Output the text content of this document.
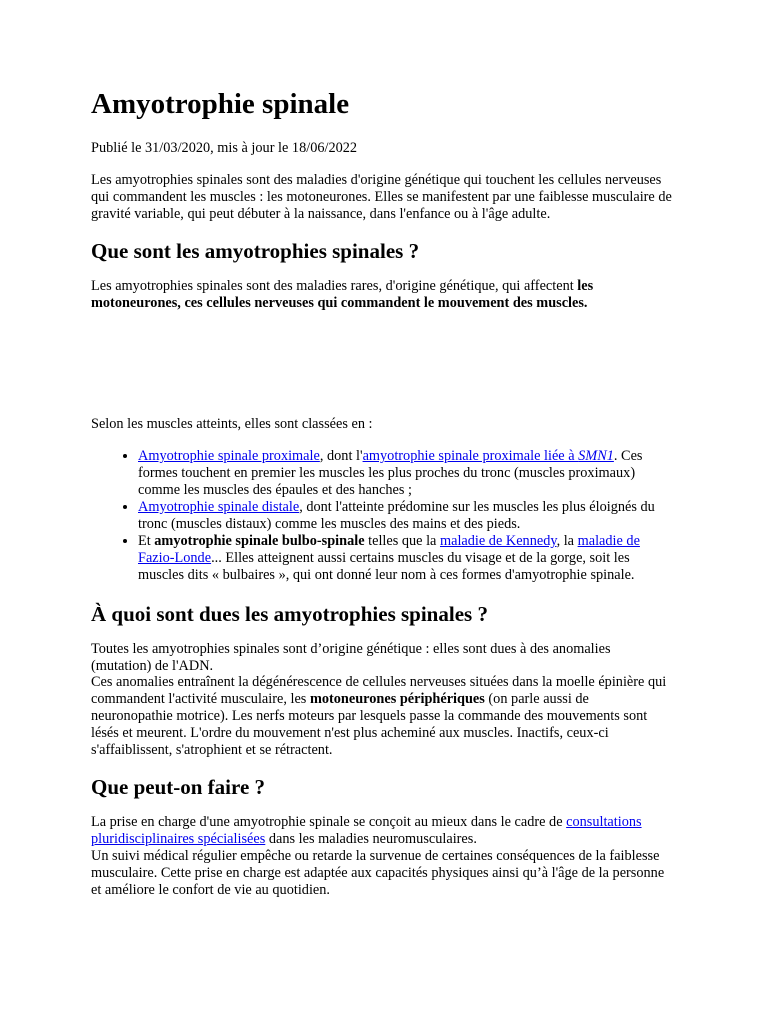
Amyotrophie spinale

Publié le 31/03/2020, mis à jour le 18/06/2022

Les amyotrophies spinales sont des maladies d'origine génétique qui touchent les cellules nerveuses qui commandent les muscles : les motoneurones. Elles se manifestent par une faiblesse musculaire de gravité variable, qui peut débuter à la naissance, dans l'enfance ou à l'âge adulte.

Que sont les amyotrophies spinales ?

Les amyotrophies spinales sont des maladies rares, d'origine génétique, qui affectent les motoneurones, ces cellules nerveuses qui commandent le mouvement des muscles.

Selon les muscles atteints, elles sont classées en :

• Amyotrophie spinale proximale, dont l'amyotrophie spinale proximale liée à SMN1. Ces formes touchent en premier les muscles les plus proches du tronc (muscles proximaux) comme les muscles des épaules et des hanches ;
• Amyotrophie spinale distale, dont l'atteinte prédomine sur les muscles les plus éloignés du tronc (muscles distaux) comme les muscles des mains et des pieds.
• Et amyotrophie spinale bulbo-spinale telles que la maladie de Kennedy, la maladie de Fazio-Londe... Elles atteignent aussi certains muscles du visage et de la gorge, soit les muscles dits « bulbaires », qui ont donné leur nom à ces formes d'amyotrophie spinale.
À quoi sont dues les amyotrophies spinales ?

Toutes les amyotrophies spinales sont d’origine génétique : elles sont dues à des anomalies (mutation) de l'ADN.
Ces anomalies entraînent la dégénérescence de cellules nerveuses situées dans la moelle épinière qui commandent l'activité musculaire, les motoneurones périphériques (on parle aussi de neuronopathie motrice). Les nerfs moteurs par lesquels passe la commande des mouvements sont lésés et meurent. L'ordre du mouvement n'est plus acheminé aux muscles. Inactifs, ceux-ci s'affaiblissent, s'atrophient et se rétractent.

Que peut-on faire ?

La prise en charge d'une amyotrophie spinale se conçoit au mieux dans le cadre de consultations pluridisciplinaires spécialisées dans les maladies neuromusculaires.
Un suivi médical régulier empêche ou retarde la survenue de certaines conséquences de la faiblesse musculaire. Cette prise en charge est adaptée aux capacités physiques ainsi qu’à l'âge de la personne et améliore le confort de vie au quotidien.
